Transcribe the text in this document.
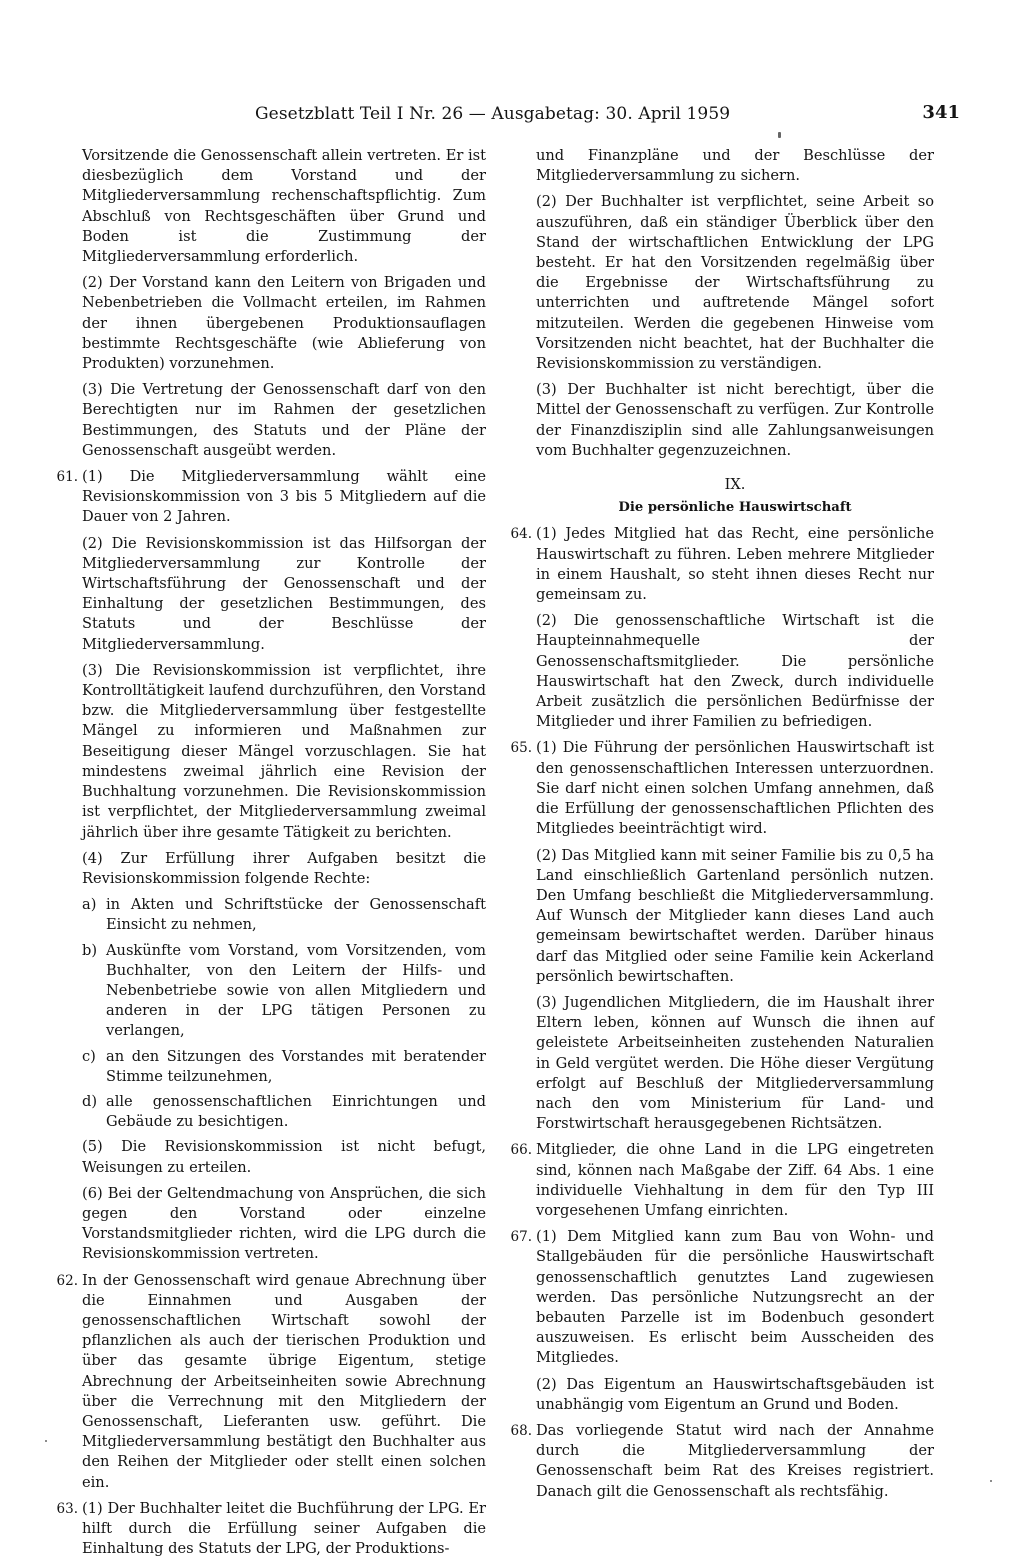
Gesetzblatt Teil I Nr. 26 — Ausgabetag: 30. April 1959	341

Vorsitzende die Genossenschaft allein vertreten. Er ist diesbezüglich dem Vorstand und der Mitgliederversammlung rechenschaftspflichtig. Zum Abschluß von Rechtsgeschäften über Grund und Boden ist die Zustimmung der Mitgliederversammlung erforderlich.

(2) Der Vorstand kann den Leitern von Brigaden und Nebenbetrieben die Vollmacht erteilen, im Rahmen der ihnen übergebenen Produktionsauflagen bestimmte Rechtsgeschäfte (wie Ablieferung von Produkten) vorzunehmen.

(3) Die Vertretung der Genossenschaft darf von den Berechtigten nur im Rahmen der gesetzlichen Bestimmungen, des Statuts und der Pläne der Genossenschaft ausgeübt werden.

61. (1) Die Mitgliederversammlung wählt eine Revisionskommission von 3 bis 5 Mitgliedern auf die Dauer von 2 Jahren.

(2) Die Revisionskommission ist das Hilfsorgan der Mitgliederversammlung zur Kontrolle der Wirtschaftsführung der Genossenschaft und der Einhaltung der gesetzlichen Bestimmungen, des Statuts und der Beschlüsse der Mitgliederversammlung.

(3) Die Revisionskommission ist verpflichtet, ihre Kontrolltätigkeit laufend durchzuführen, den Vorstand bzw. die Mitgliederversammlung über festgestellte Mängel zu informieren und Maßnahmen zur Beseitigung dieser Mängel vorzuschlagen. Sie hat mindestens zweimal jährlich eine Revision der Buchhaltung vorzunehmen. Die Revisionskommission ist verpflichtet, der Mitgliederversammlung zweimal jährlich über ihre gesamte Tätigkeit zu berichten.

(4) Zur Erfüllung ihrer Aufgaben besitzt die Revisionskommission folgende Rechte:

a) in Akten und Schriftstücke der Genossenschaft Einsicht zu nehmen,
b) Auskünfte vom Vorstand, vom Vorsitzenden, vom Buchhalter, von den Leitern der Hilfs- und Nebenbetriebe sowie von allen Mitgliedern und anderen in der LPG tätigen Personen zu verlangen,
c) an den Sitzungen des Vorstandes mit beratender Stimme teilzunehmen,
d) alle genossenschaftlichen Einrichtungen und Gebäude zu besichtigen.

(5) Die Revisionskommission ist nicht befugt, Weisungen zu erteilen.

(6) Bei der Geltendmachung von Ansprüchen, die sich gegen den Vorstand oder einzelne Vorstandsmitglieder richten, wird die LPG durch die Revisionskommission vertreten.

62. In der Genossenschaft wird genaue Abrechnung über die Einnahmen und Ausgaben der genossenschaftlichen Wirtschaft sowohl der pflanzlichen als auch der tierischen Produktion und über das gesamte übrige Eigentum, stetige Abrechnung der Arbeitseinheiten sowie Abrechnung über die Verrechnung mit den Mitgliedern der Genossenschaft, Lieferanten usw. geführt. Die Mitgliederversammlung bestätigt den Buchhalter aus den Reihen der Mitglieder oder stellt einen solchen ein.

63. (1) Der Buchhalter leitet die Buchführung der LPG. Er hilft durch die Erfüllung seiner Aufgaben die Einhaltung des Statuts der LPG, der Produktions-

und Finanzpläne und der Beschlüsse der Mitgliederversammlung zu sichern.

(2) Der Buchhalter ist verpflichtet, seine Arbeit so auszuführen, daß ein ständiger Überblick über den Stand der wirtschaftlichen Entwicklung der LPG besteht. Er hat den Vorsitzenden regelmäßig über die Ergebnisse der Wirtschaftsführung zu unterrichten und auftretende Mängel sofort mitzuteilen. Werden die gegebenen Hinweise vom Vorsitzenden nicht beachtet, hat der Buchhalter die Revisionskommission zu verständigen.

(3) Der Buchhalter ist nicht berechtigt, über die Mittel der Genossenschaft zu verfügen. Zur Kontrolle der Finanzdisziplin sind alle Zahlungsanweisungen vom Buchhalter gegenzuzeichnen.

IX.
Die persönliche Hauswirtschaft
64. (1) Jedes Mitglied hat das Recht, eine persönliche Hauswirtschaft zu führen. Leben mehrere Mitglieder in einem Haushalt, so steht ihnen dieses Recht nur gemeinsam zu.

(2) Die genossenschaftliche Wirtschaft ist die Haupteinnahmequelle der Genossenschaftsmitglieder. Die persönliche Hauswirtschaft hat den Zweck, durch individuelle Arbeit zusätzlich die persönlichen Bedürfnisse der Mitglieder und ihrer Familien zu befriedigen.

65. (1) Die Führung der persönlichen Hauswirtschaft ist den genossenschaftlichen Interessen unterzuordnen. Sie darf nicht einen solchen Umfang annehmen, daß die Erfüllung der genossenschaftlichen Pflichten des Mitgliedes beeinträchtigt wird.

(2) Das Mitglied kann mit seiner Familie bis zu 0,5 ha Land einschließlich Gartenland persönlich nutzen. Den Umfang beschließt die Mitgliederversammlung. Auf Wunsch der Mitglieder kann dieses Land auch gemeinsam bewirtschaftet werden. Darüber hinaus darf das Mitglied oder seine Familie kein Ackerland persönlich bewirtschaften.

(3) Jugendlichen Mitgliedern, die im Haushalt ihrer Eltern leben, können auf Wunsch die ihnen auf geleistete Arbeitseinheiten zustehenden Naturalien in Geld vergütet werden. Die Höhe dieser Vergütung erfolgt auf Beschluß der Mitgliederversammlung nach den vom Ministerium für Land- und Forstwirtschaft herausgegebenen Richtsätzen.

66. Mitglieder, die ohne Land in die LPG eingetreten sind, können nach Maßgabe der Ziff. 64 Abs. 1 eine individuelle Viehhaltung in dem für den Typ III vorgesehenen Umfang einrichten.

67. (1) Dem Mitglied kann zum Bau von Wohn- und Stallgebäuden für die persönliche Hauswirtschaft genossenschaftlich genutztes Land zugewiesen werden. Das persönliche Nutzungsrecht an der bebauten Parzelle ist im Bodenbuch gesondert auszuweisen. Es erlischt beim Ausscheiden des Mitgliedes.

(2) Das Eigentum an Hauswirtschaftsgebäuden ist unabhängig vom Eigentum an Grund und Boden.

68. Das vorliegende Statut wird nach der Annahme durch die Mitgliederversammlung der Genossenschaft beim Rat des Kreises registriert. Danach gilt die Genossenschaft als rechtsfähig.
